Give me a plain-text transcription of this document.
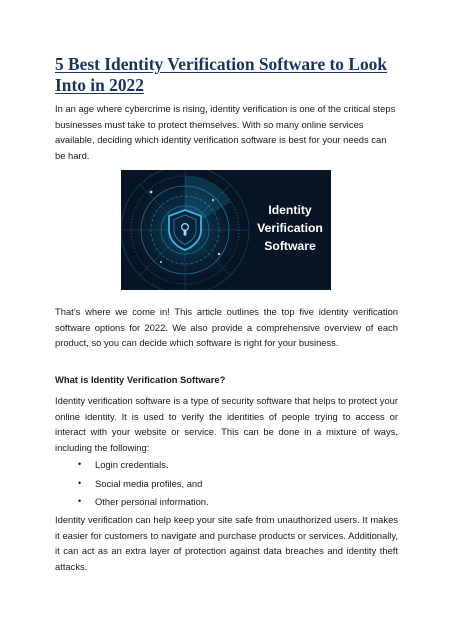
5 Best Identity Verification Software to Look Into in 2022

In an age where cybercrime is rising, identity verification is one of the critical steps businesses must take to protect themselves. With so many online services available, deciding which identity verification software is best for your needs can be hard.

Identity
Verification
Software

That’s where we come in! This article outlines the top five identity verification software options for 2022. We also provide a comprehensive overview of each product, so you can decide which software is right for your business.

What is Identity Verification Software?

Identity verification software is a type of security software that helps to protect your online identity. It is used to verify the identities of people trying to access or interact with your website or service. This can be done in a mixture of ways, including the following:

• Login credentials.
• Social media profiles, and
• Other personal information.

Identity verification can help keep your site safe from unauthorized users. It makes it easier for customers to navigate and purchase products or services. Additionally, it can act as an extra layer of protection against data breaches and identity theft attacks.
